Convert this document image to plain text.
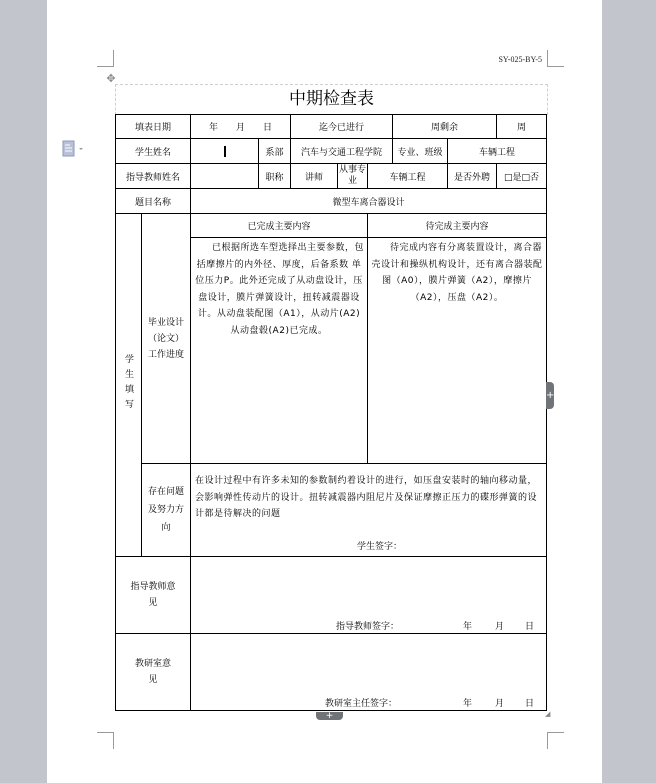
SY-025-BY-5
✥
中期检查表
填表日期		年　　月　　日		迄今已进行			周剩余		周
学生姓名			系部	汽车与交通工程学院			专业、班级	车辆工程	
指导教师姓名			职称	讲师	从事专业	车辆工程		是否外聘	□是□否
题目名称		微型车离合器设计							
学生填写	毕业设计（论文）工作进度	已完成主要内容				待完成主要内容			
		已根据所选车型选择出主要参数，包括摩擦片的内外径、厚度，后备系数 单位压力P。此外还完成了从动盘设计，压盘设计，膜片弹簧设计，扭转减震器设计。从动盘装配图（A1），从动片(A2) 从动盘毂(A2)已完成。				待完成内容有分离装置设计，离合器壳设计和操纵机构设计，还有离合器装配图（A0），膜片弹簧（A2），摩擦片（A2），压盘（A2）。			
	存在问题及努力方向	在设计过程中有许多未知的参数制约着设计的进行，如压盘安装时的轴向移动量，会影响弹性传动片的设计。扭转减震器内阻尼片及保证摩擦正压力的碟形弹簧的设计都是待解决的问题
学生签字：							

指导教师意 见		指导教师签字： 年 月 日							

教研室意 见		教研室主任签字： 年 月 日							
+
+	◢
